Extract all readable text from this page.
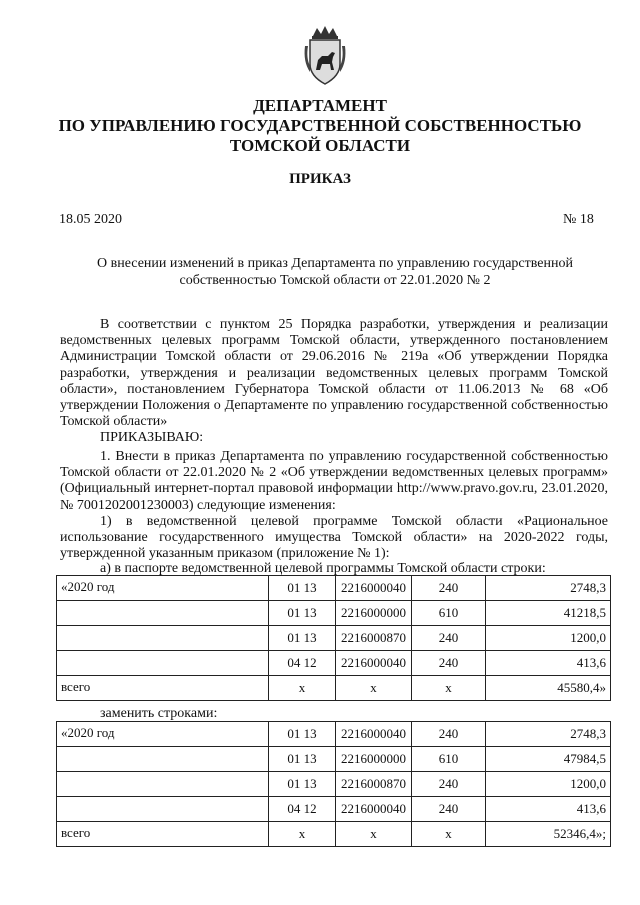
ДЕПАРТАМЕНТ
ПО УПРАВЛЕНИЮ ГОСУДАРСТВЕННОЙ СОБСТВЕННОСТЬЮ
ТОМСКОЙ ОБЛАСТИ
ПРИКАЗ
18.05 2020	№ 18
О внесении изменений в приказ Департамента по управлению государственной
собственностью Томской области от 22.01.2020 № 2
В соответствии с пунктом 25 Порядка разработки, утверждения и реализации ведомственных целевых программ Томской области, утвержденного постановлением Администрации Томской области от 29.06.2016 № 219а «Об утверждении Порядка разработки, утверждения и реализации ведомственных целевых программ Томской области», постановлением Губернатора Томской области от 11.06.2013 № 68 «Об утверждении Положения о Департаменте по управлению государственной собственностью Томской области»
ПРИКАЗЫВАЮ:
1. Внести в приказ Департамента по управлению государственной собственностью Томской области от 22.01.2020 № 2 «Об утверждении ведомственных целевых программ» (Официальный интернет-портал правовой информации http://www.pravo.gov.ru, 23.01.2020, № 7001202001230003) следующие изменения:
1) в ведомственной целевой программе Томской области «Рациональное использование государственного имущества Томской области» на 2020-2022 годы, утвержденной указанным приказом (приложение № 1):
а) в паспорте ведомственной целевой программы Томской области строки:
«2020 год	01 13	2216000040	240	2748,3
	01 13	2216000000	610	41218,5
	01 13	2216000870	240	1200,0
	04 12	2216000040	240	413,6
всего	х	х	х	45580,4»
заменить строками:
«2020 год	01 13	2216000040	240	2748,3
	01 13	2216000000	610	47984,5
	01 13	2216000870	240	1200,0
	04 12	2216000040	240	413,6
всего	х	х	х	52346,4»;
